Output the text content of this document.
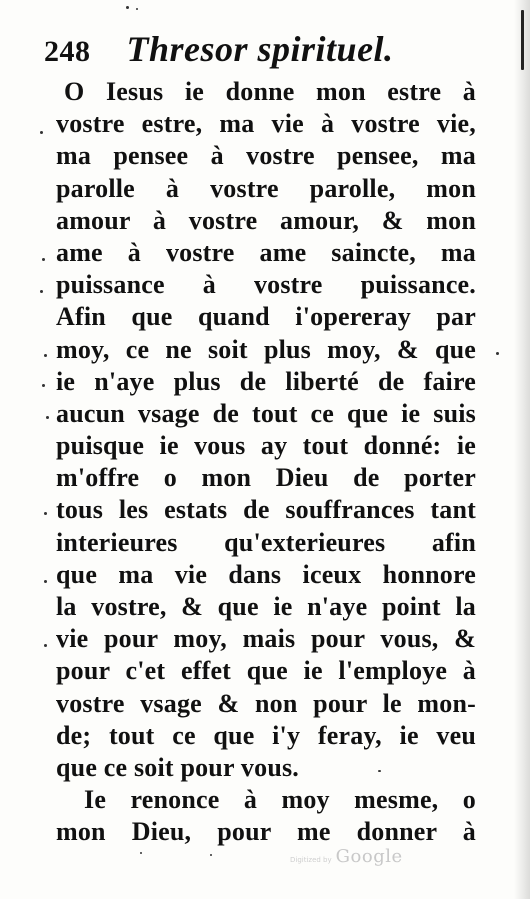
248 Thresor spirituel.
O Iesus ie donne mon estre à
vostre estre, ma vie à vostre vie,
ma pensee à vostre pensee, ma
parolle à vostre parolle, mon
amour à vostre amour, & mon
ame à vostre ame saincte, ma
puissance à vostre puissance.
Afin que quand i'opereray par
moy, ce ne soit plus moy, & que
ie n'aye plus de liberté de faire
aucun vsage de tout ce que ie suis
puisque ie vous ay tout donné: ie
m'offre o mon Dieu de porter
tous les estats de souffrances tant
interieures qu'exterieures afin
que ma vie dans iceux honnore
la vostre, & que ie n'aye point la
vie pour moy, mais pour vous, &
pour c'et effet que ie l'employe à
vostre vsage & non pour le mon-
de; tout ce que i'y feray, ie veu
que ce soit pour vous.
Ie renonce à moy mesme, o
mon Dieu, pour me donner à
Digitized by Google
